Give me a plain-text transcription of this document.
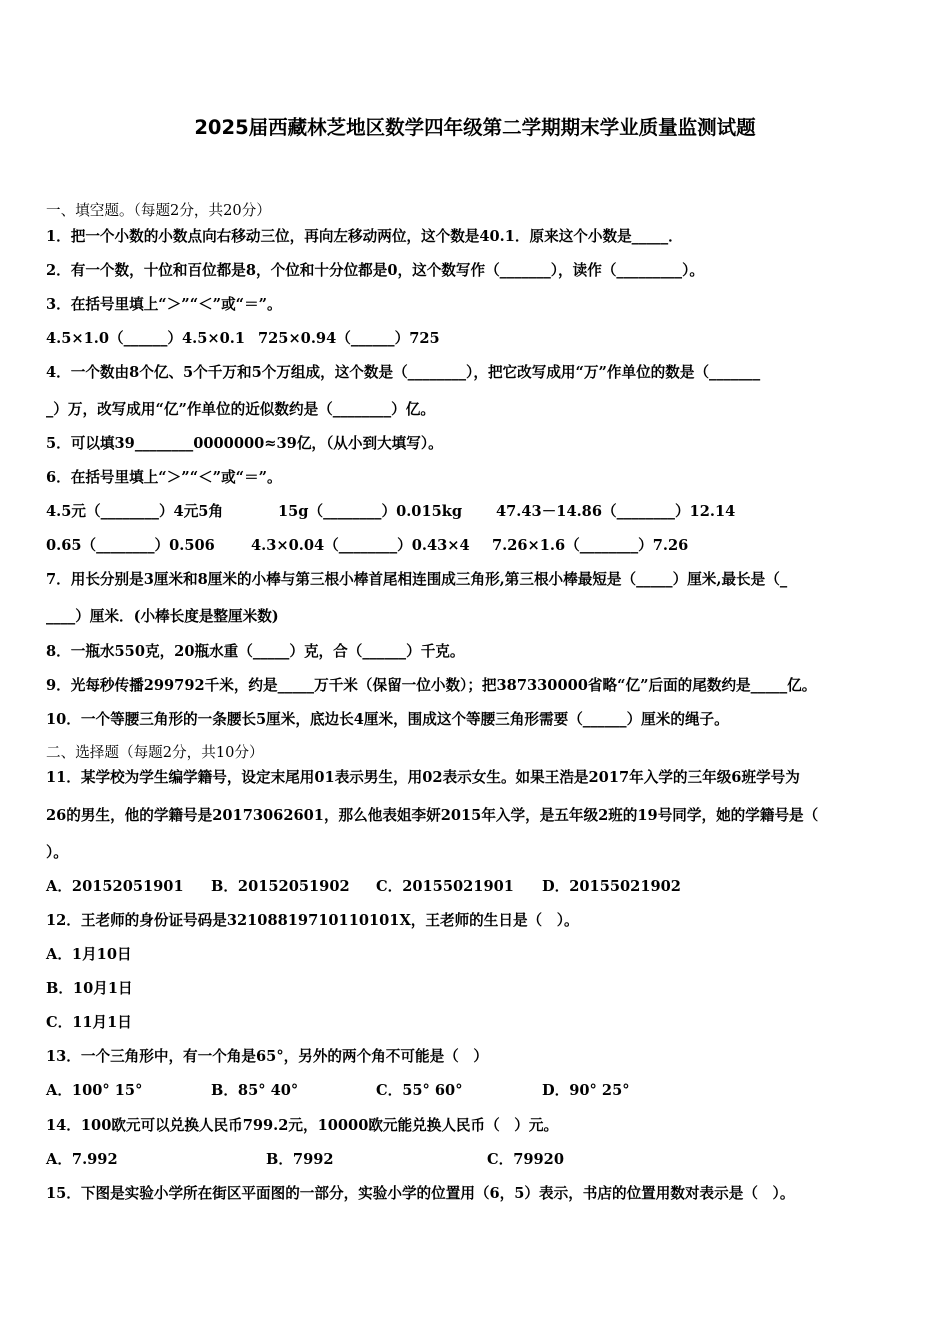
2025届西藏林芝地区数学四年级第二学期期末学业质量监测试题
一、填空题。（每题2分，共20分）
1．把一个小数的小数点向右移动三位，再向左移动两位，这个数是40.1．原来这个小数是_____．
2．有一个数，十位和百位都是8，个位和十分位都是0，这个数写作（_______），读作（_________）。
3．在括号里填上“＞”“＜”或“＝”。
4.5×1.0（______）4.5×0.1 725×0.94（______）725
4．一个数由8个亿、5个千万和5个万组成，这个数是（________），把它改写成用“万”作单位的数是（_______
_）万，改写成用“亿”作单位的近似数约是（________）亿。
5．可以填39________0000000≈39亿，（从小到大填写）。
6．在括号里填上“＞”“＜”或“＝”。
4.5元（________）4元5角	15g（________）0.015kg 47.43－14.86（________）12.14
0.65（________）0.506 4.3×0.04（________）0.43×4 7.26×1.6（________）7.26
7．用长分别是3厘米和8厘米的小棒与第三根小棒首尾相连围成三角形,第三根小棒最短是（_____）厘米,最长是（_
____）厘米．(小棒长度是整厘米数)
8．一瓶水550克，20瓶水重（_____）克，合（______）千克。
9．光每秒传播299792千米，约是_____万千米（保留一位小数）；把387330000省略“亿”后面的尾数约是_____亿。
10．一个等腰三角形的一条腰长5厘米，底边长4厘米，围成这个等腰三角形需要（______）厘米的绳子。
二、选择题（每题2分，共10分）
11．某学校为学生编学籍号，设定末尾用01表示男生，用02表示女生。如果王浩是2017年入学的三年级6班学号为
26的男生，他的学籍号是20173062601，那么他表姐李妍2015年入学，是五年级2班的19号同学，她的学籍号是（
）。
A．20152051901 B．20152051902 C．20155021901 D．20155021902
12．王老师的身份证号码是32108819710110101X，王老师的生日是（　）。
A．1月10日
B．10月1日
C．11月1日
13．一个三角形中，有一个角是65°，另外的两个角不可能是（　）
A．100° 15°	B．85° 40°	C．55° 60°	D．90° 25°
14．100欧元可以兑换人民币799.2元，10000欧元能兑换人民币（　）元。
A．7.992	B．7992	C．79920
15．下图是实验小学所在街区平面图的一部分，实验小学的位置用（6，5）表示，书店的位置用数对表示是（　）。
